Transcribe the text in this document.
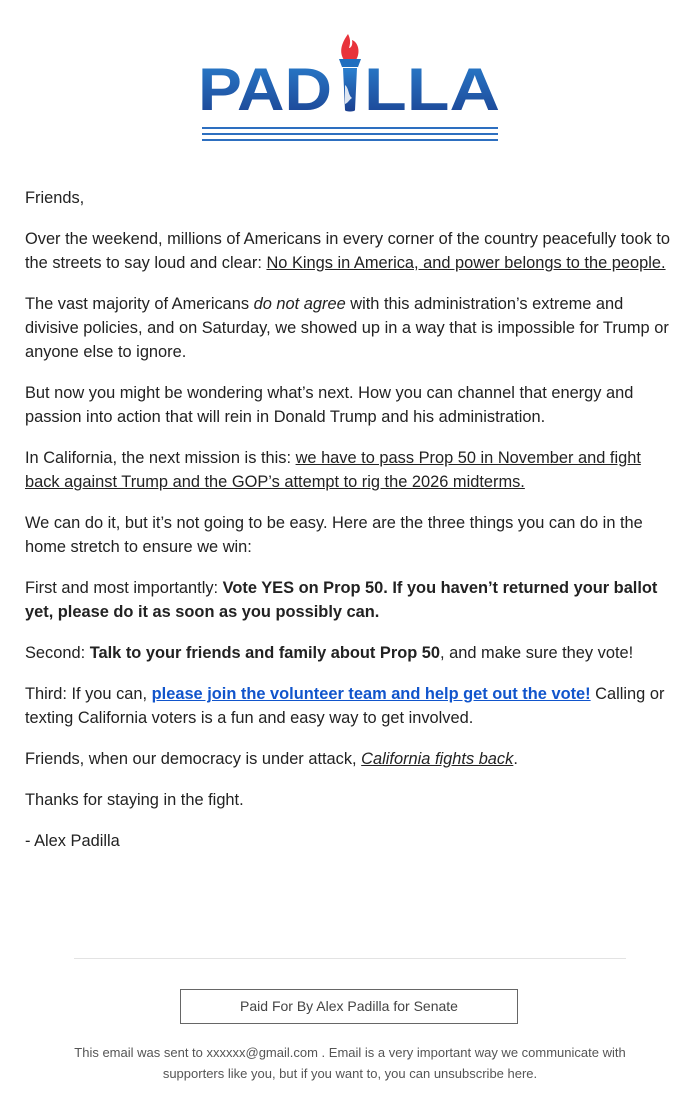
PAD LLA

Friends,

Over the weekend, millions of Americans in every corner of the country peacefully took to the streets to say loud and clear: No Kings in America, and power belongs to the people.

The vast majority of Americans do not agree with this administration’s extreme and divisive policies, and on Saturday, we showed up in a way that is impossible for Trump or anyone else to ignore.

But now you might be wondering what’s next. How you can channel that energy and passion into action that will rein in Donald Trump and his administration.

In California, the next mission is this: we have to pass Prop 50 in November and fight back against Trump and the GOP’s attempt to rig the 2026 midterms.

We can do it, but it’s not going to be easy. Here are the three things you can do in the home stretch to ensure we win:

First and most importantly: Vote YES on Prop 50. If you haven’t returned your ballot yet, please do it as soon as you possibly can.

Second: Talk to your friends and family about Prop 50, and make sure they vote!

Third: If you can, please join the volunteer team and help get out the vote! Calling or texting California voters is a fun and easy way to get involved.

Friends, when our democracy is under attack, California fights back.

Thanks for staying in the fight.

- Alex Padilla

Paid For By Alex Padilla for Senate
This email was sent to xxxxxx@gmail.com . Email is a very important way we communicate with supporters like you, but if you want to, you can unsubscribe here.
